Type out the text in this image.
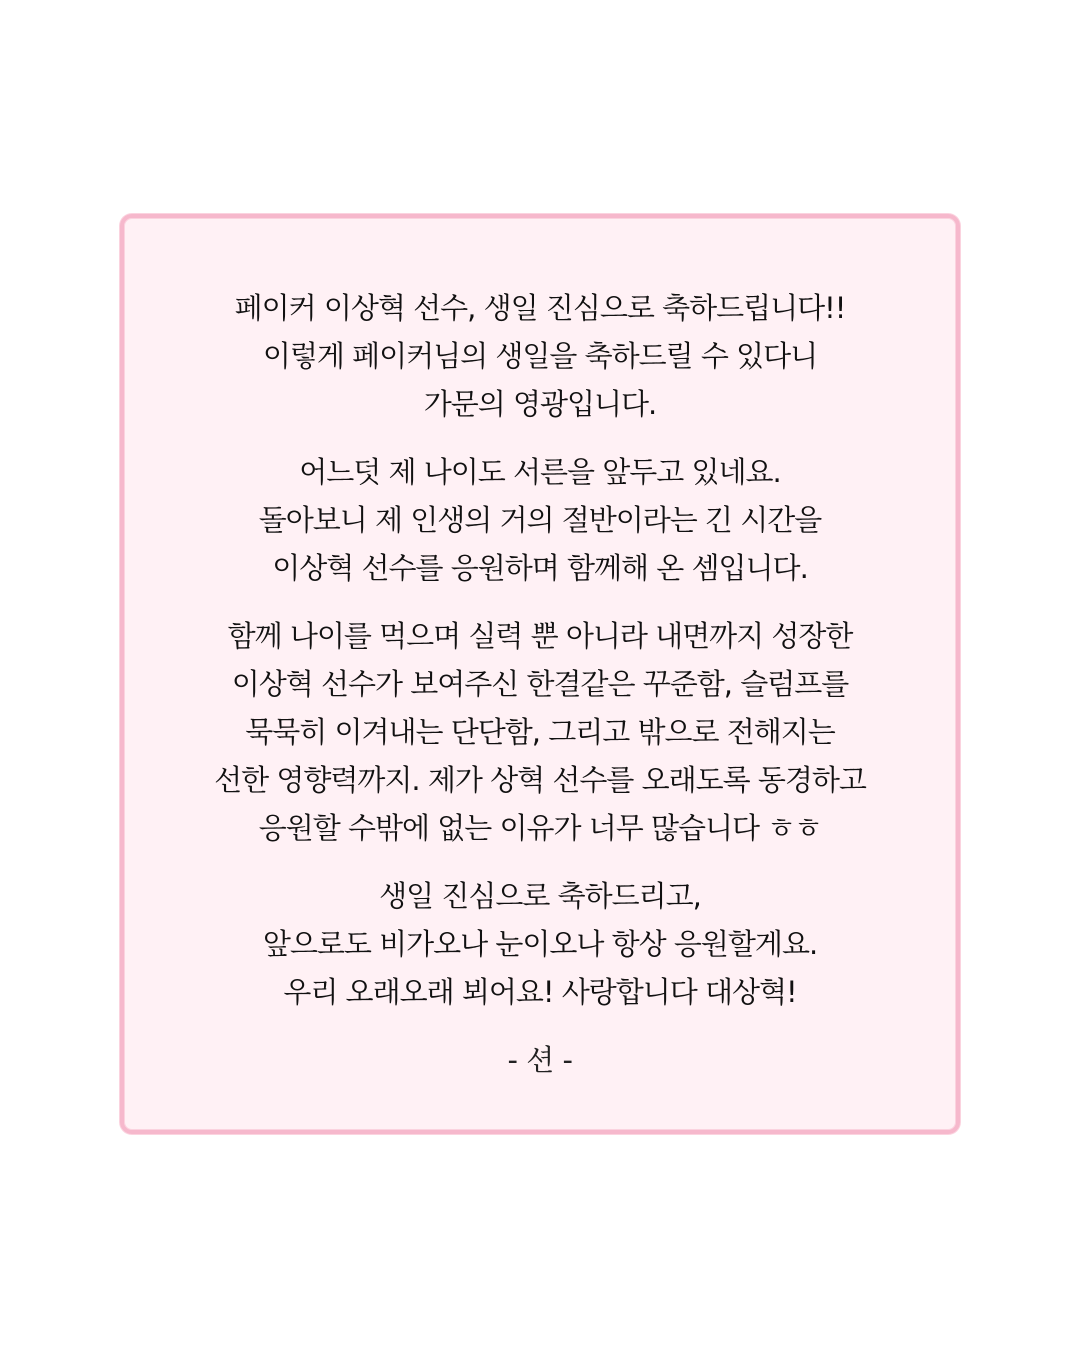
페이커 이상혁 선수, 생일 진심으로 축하드립니다!!
이렇게 페이커님의 생일을 축하드릴 수 있다니
가문의 영광입니다.
어느덧 제 나이도 서른을 앞두고 있네요.
돌아보니 제 인생의 거의 절반이라는 긴 시간을
이상혁 선수를 응원하며 함께해 온 셈입니다.
함께 나이를 먹으며 실력 뿐 아니라 내면까지 성장한
이상혁 선수가 보여주신 한결같은 꾸준함, 슬럼프를
묵묵히 이겨내는 단단함, 그리고 밖으로 전해지는
선한 영향력까지. 제가 상혁 선수를 오래도록 동경하고
응원할 수밖에 없는 이유가 너무 많습니다 ㅎㅎ
생일 진심으로 축하드리고,
앞으로도 비가오나 눈이오나 항상 응원할게요.
우리 오래오래 뵈어요! 사랑합니다 대상혁!
- 션 -
